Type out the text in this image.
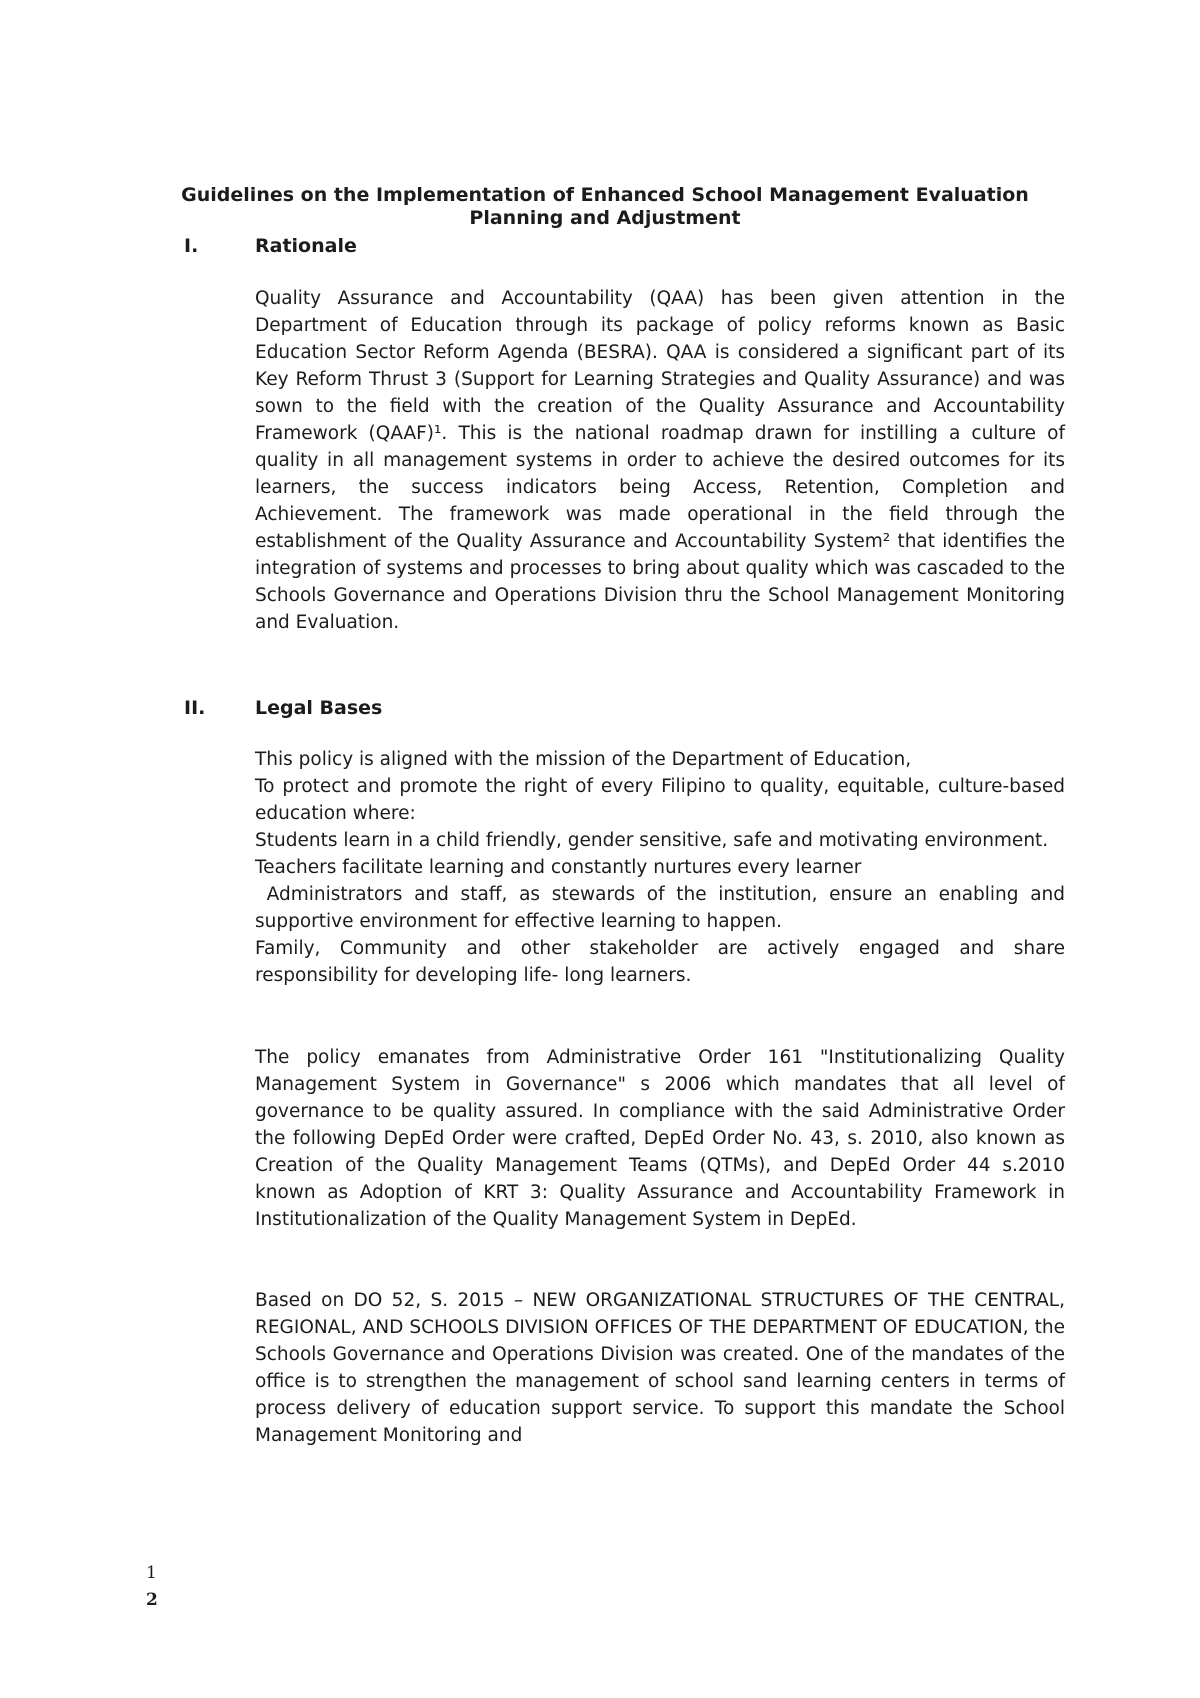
Guidelines on the Implementation of Enhanced School Management Evaluation
Planning and Adjustment
I.	Rationale

Quality Assurance and Accountability (QAA) has been given attention in the Department of Education through its package of policy reforms known as Basic Education Sector Reform Agenda (BESRA). QAA is considered a significant part of its Key Reform Thrust 3 (Support for Learning Strategies and Quality Assurance) and was sown to the field with the creation of the Quality Assurance and Accountability Framework (QAAF)¹. This is the national roadmap drawn for instilling a culture of quality in all management systems in order to achieve the desired outcomes for its learners, the success indicators being Access, Retention, Completion and Achievement. The framework was made operational in the field through the establishment of the Quality Assurance and Accountability System² that identifies the integration of systems and processes to bring about quality which was cascaded to the Schools Governance and Operations Division thru the School Management Monitoring and Evaluation.

II.	Legal Bases
This policy is aligned with the mission of the Department of Education,
To protect and promote the right of every Filipino to quality, equitable, culture-based education where:
Students learn in a child friendly, gender sensitive, safe and motivating environment.
Teachers facilitate learning and constantly nurtures every learner
Administrators and staff, as stewards of the institution, ensure an enabling and supportive environment for effective learning to happen.
Family, Community and other stakeholder are actively engaged and share responsibility for developing life- long learners.

The policy emanates from Administrative Order 161 "Institutionalizing Quality Management System in Governance" s 2006 which mandates that all level of governance to be quality assured. In compliance with the said Administrative Order the following DepEd Order were crafted, DepEd Order No. 43, s. 2010, also known as Creation of the Quality Management Teams (QTMs), and DepEd Order 44 s.2010 known as Adoption of KRT 3: Quality Assurance and Accountability Framework in Institutionalization of the Quality Management System in DepEd.

Based on DO 52, S. 2015 – NEW ORGANIZATIONAL STRUCTURES OF THE CENTRAL, REGIONAL, AND SCHOOLS DIVISION OFFICES OF THE DEPARTMENT OF EDUCATION, the Schools Governance and Operations Division was created. One of the mandates of the office is to strengthen the management of school sand learning centers in terms of process delivery of education support service. To support this mandate the School Management Monitoring and

1
2
